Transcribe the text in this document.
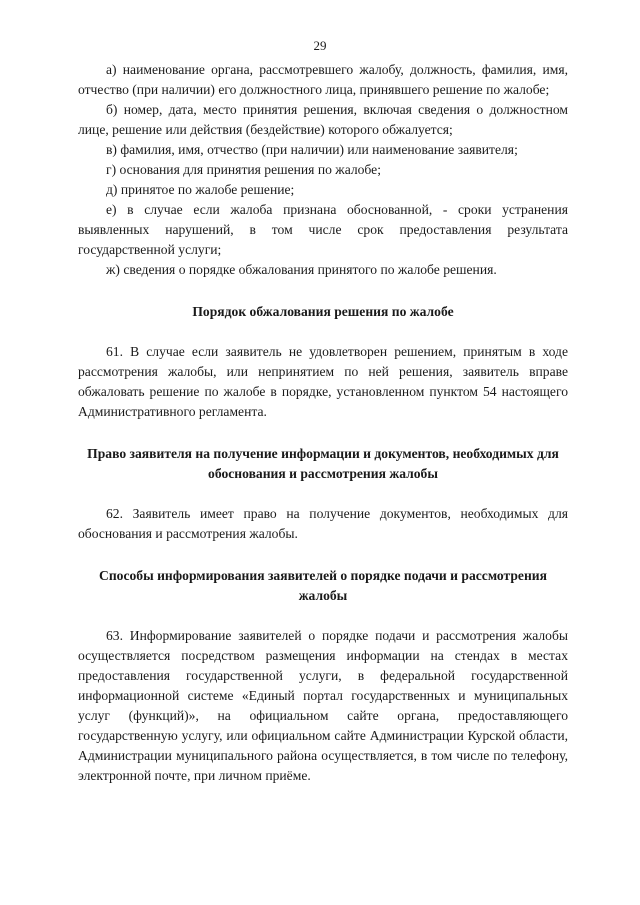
29

а) наименование органа, рассмотревшего жалобу, должность, фамилия, имя, отчество (при наличии) его должностного лица, принявшего решение по жалобе;

б) номер, дата, место принятия решения, включая сведения о должностном лице, решение или действия (бездействие) которого обжалуется;

в) фамилия, имя, отчество (при наличии) или наименование заявителя;

г) основания для принятия решения по жалобе;

д) принятое по жалобе решение;

е) в случае если жалоба признана обоснованной, - сроки устранения выявленных нарушений, в том числе срок предоставления результата государственной услуги;

ж) сведения о порядке обжалования принятого по жалобе решения.

Порядок обжалования решения по жалобе

61. В случае если заявитель не удовлетворен решением, принятым в ходе рассмотрения жалобы, или непринятием по ней решения, заявитель вправе обжаловать решение по жалобе в порядке, установленном пунктом 54 настоящего Административного регламента.

Право заявителя на получение информации и документов, необходимых для обоснования и рассмотрения жалобы

62. Заявитель имеет право на получение документов, необходимых для обоснования и рассмотрения жалобы.

Способы информирования заявителей о порядке подачи и рассмотрения жалобы

63. Информирование заявителей о порядке подачи и рассмотрения жалобы осуществляется посредством размещения информации на стендах в местах предоставления государственной услуги, в федеральной государственной информационной системе «Единый портал государственных и муниципальных услуг (функций)», на официальном сайте органа, предоставляющего государственную услугу, или официальном сайте Администрации Курской области, Администрации муниципального района осуществляется, в том числе по телефону, электронной почте, при личном приёме.
